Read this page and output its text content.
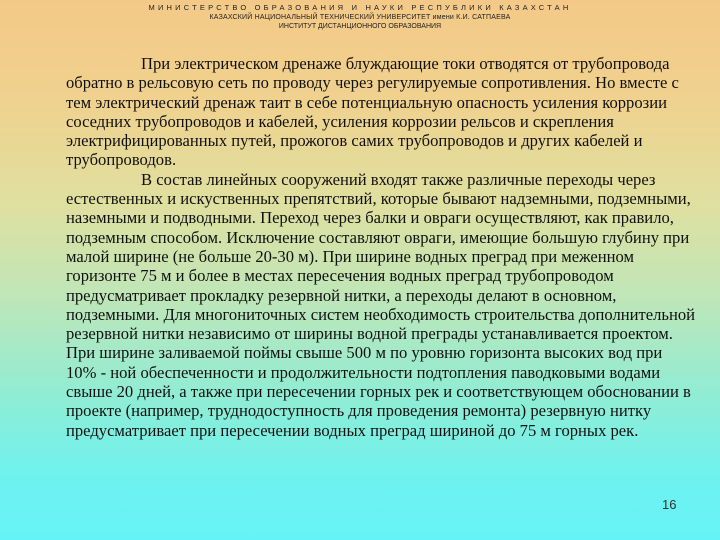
МИНИСТЕРСТВО ОБРАЗОВАНИЯ И НАУКИ РЕСПУБЛИКИ КАЗАХСТАН
КАЗАХСКИЙ НАЦИОНАЛЬНЫЙ ТЕХНИЧЕСКИЙ УНИВЕРСИТЕТ имени К.И. САТПАЕВА
ИНСТИТУТ ДИСТАНЦИОННОГО ОБРАЗОВАНИЯ

При электрическом дренаже блуждающие токи отводятся от трубопровода обратно в рельсовую сеть по проводу через регулируемые сопротивления. Но вместе с тем электрический дренаж таит в себе потенциальную опасность усиления коррозии соседних трубопроводов и кабелей, усиления коррозии рельсов и скрепления электрифицированных путей, прожогов самих трубопроводов и других кабелей и трубопроводов.

В состав линейных сооружений входят также различные переходы через естественных и искуственных препятствий, которые бывают надземными, подземными, наземными и подводными. Переход через балки и овраги осуществляют, как правило, подземным способом. Исключение составляют овраги, имеющие большую глубину при малой ширине (не больше 20-30 м). При ширине водных преград при меженном горизонте 75 м и более в местах пересечения водных преград трубопроводом предусматривает прокладку резервной нитки, а переходы делают в основном, подземными. Для многониточных систем необходимость строительства дополнительной резервной нитки независимо от ширины водной преграды устанавливается проектом. При ширине заливаемой поймы свыше 500 м по уровню горизонта высоких вод при 10% - ной обеспеченности и продолжительности подтопления паводковыми водами свыше 20 дней, а также при пересечении горных рек и соответствующем обосновании в проекте (например, труднодоступность для проведения ремонта) резервную нитку предусматривает при пересечении водных преград шириной до 75 м горных рек.

16
